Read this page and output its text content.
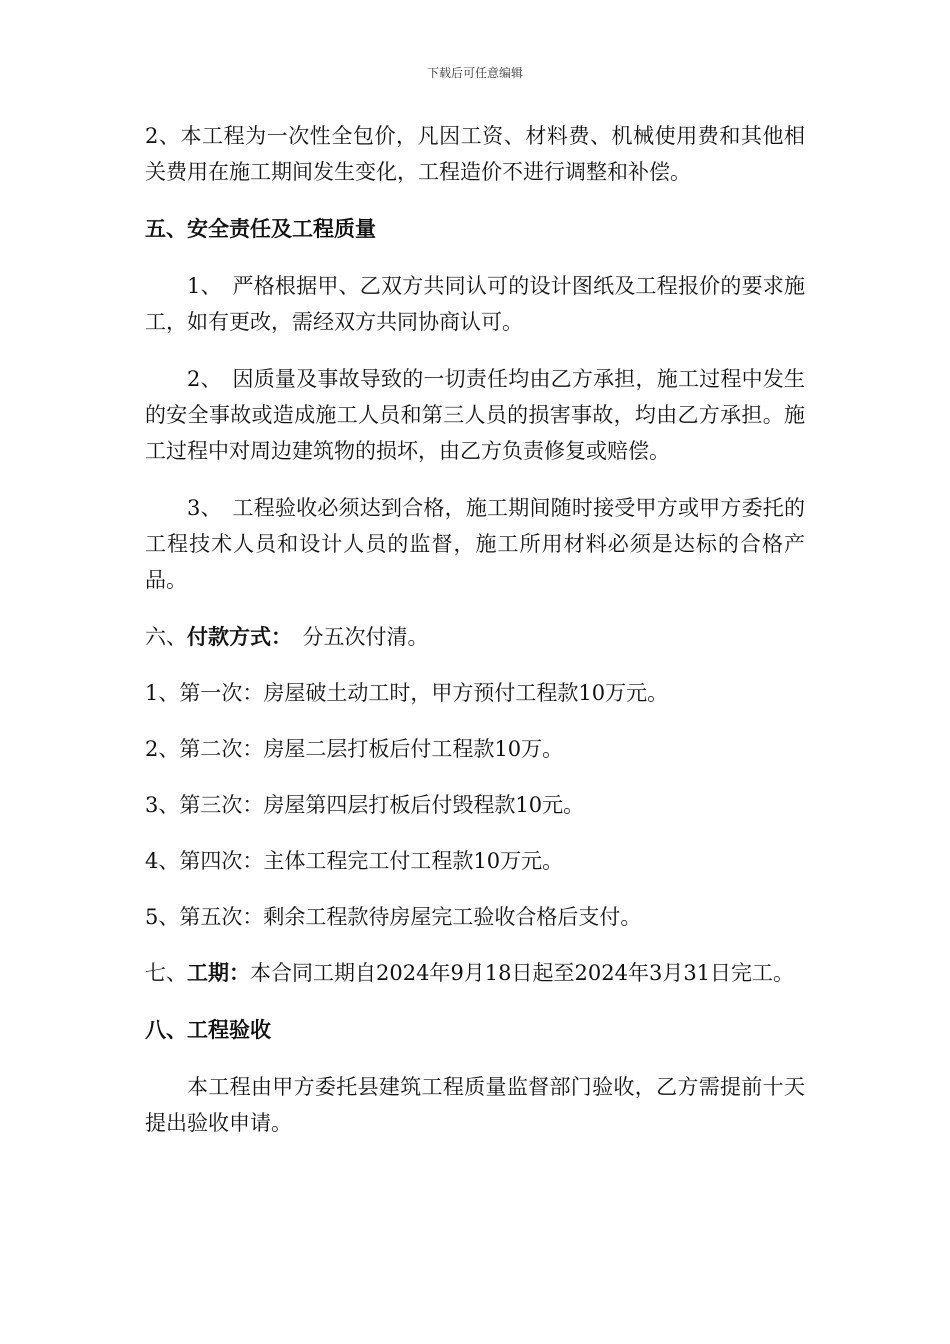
下载后可任意编辑

2、本工程为一次性全包价，凡因工资、材料费、机械使用费和其他相关费用在施工期间发生变化，工程造价不进行调整和补偿。

五、安全责任及工程质量

1、　严格根据甲、乙双方共同认可的设计图纸及工程报价的要求施工，如有更改，需经双方共同协商认可。

2、　因质量及事故导致的一切责任均由乙方承担，施工过程中发生的安全事故或造成施工人员和第三人员的损害事故，均由乙方承担。施工过程中对周边建筑物的损坏，由乙方负责修复或赔偿。

3、　工程验收必须达到合格，施工期间随时接受甲方或甲方委托的工程技术人员和设计人员的监督，施工所用材料必须是达标的合格产品。

六、付款方式：　分五次付清。

1、第一次：房屋破土动工时，甲方预付工程款10万元。

2、第二次：房屋二层打板后付工程款10万。

3、第三次：房屋第四层打板后付毁程款10元。

4、第四次：主体工程完工付工程款10万元。

5、第五次：剩余工程款待房屋完工验收合格后支付。

七、工期：本合同工期自2024年9月18日起至2024年3月31日完工。

八、工程验收

本工程由甲方委托县建筑工程质量监督部门验收，乙方需提前十天提出验收申请。
